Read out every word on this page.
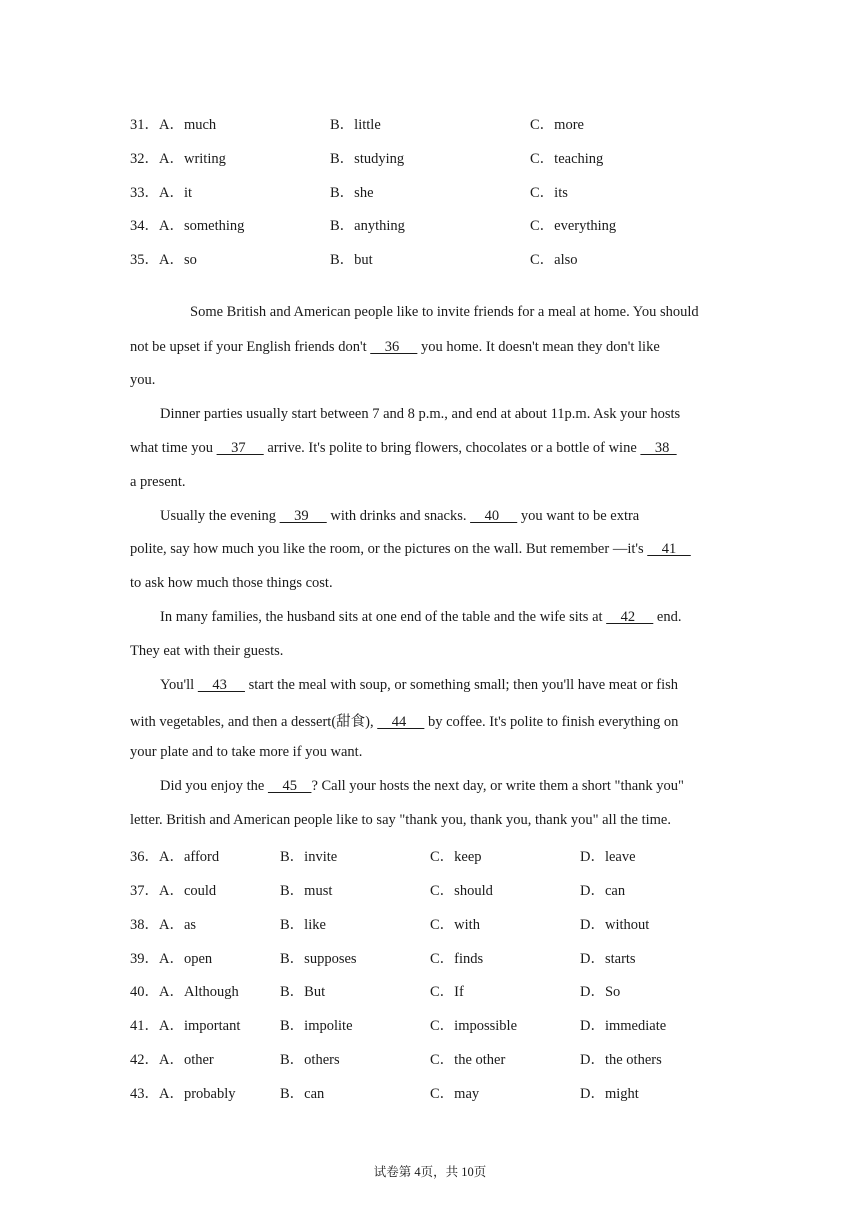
31．A．much	B．little	C．more
32．A．writing	B．studying	C．teaching
33．A．it	B．she	C．its
34．A．something	B．anything	C．everything
35．A．so	B．but	C．also
Some British and American people like to invite friends for a meal at home. You should
not be upset if your English friends don't     36      you home. It doesn't mean they don't like
you.
Dinner parties usually start between 7 and 8 p.m., and end at about 11p.m. Ask your hosts
what time you     37      arrive. It's polite to bring flowers, chocolates or a bottle of wine     38
a present.
Usually the evening     39      with drinks and snacks.     40      you want to be extra
polite, say how much you like the room, or the pictures on the wall. But remember —it's     41
to ask how much those things cost.
In many families, the husband sits at one end of the table and the wife sits at     42      end.
They eat with their guests.
You'll     43      start the meal with soup, or something small; then you'll have meat or fish
with vegetables, and then a dessert(甜食),     44      by coffee. It's polite to finish everything on
your plate and to take more if you want.
Did you enjoy the     45    ? Call your hosts the next day, or write them a short "thank you"
letter. British and American people like to say "thank you, thank you, thank you" all the time.
36．A．afford	B．invite	C．keep	D．leave
37．A．could	B．must	C．should	D．can
38．A．as	B．like	C．with	D．without
39．A．open	B．supposes	C．finds	D．starts
40．A．Although	B．But	C．If	D．So
41．A．important	B．impolite	C．impossible	D．immediate
42．A．other	B．others	C．the other	D．the others
43．A．probably	B．can	C．may	D．might
试卷第 4页，共 10页
